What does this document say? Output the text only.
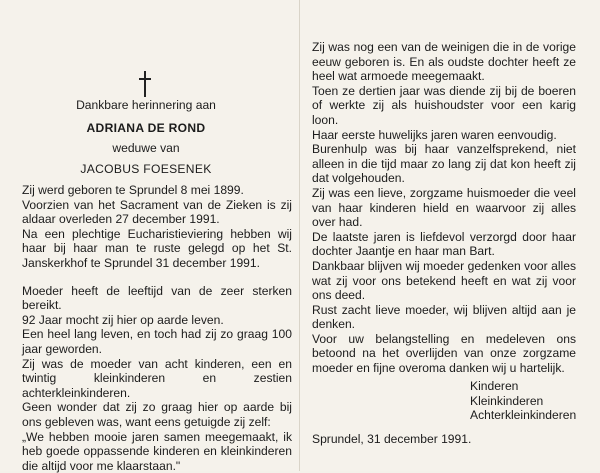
Dankbare herinnering aan
ADRIANA DE ROND
weduwe van
JACOBUS FOESENEK

Zij werd geboren te Sprundel 8 mei 1899.

Voorzien van het Sacrament van de Zieken is zij aldaar overleden 27 december 1991.

Na een plechtige Eucharistieviering hebben wij haar bij haar man te ruste gelegd op het St. Janskerkhof te Sprundel 31 december 1991.

Moeder heeft de leeftijd van de zeer sterken bereikt.

92 Jaar mocht zij hier op aarde leven.

Een heel lang leven, en toch had zij zo graag 100 jaar geworden.

Zij was de moeder van acht kinderen, een en twintig kleinkinderen en zestien achterkleinkinderen.

Geen wonder dat zij zo graag hier op aarde bij ons gebleven was, want eens getuigde zij zelf:

„We hebben mooie jaren samen meegemaakt, ik heb goede oppassende kinderen en kleinkinderen die altijd voor me klaarstaan."

Zij was nog een van de weinigen die in de vorige eeuw geboren is. En als oudste dochter heeft ze heel wat armoede meegemaakt.

Toen ze dertien jaar was diende zij bij de boeren of werkte zij als huishoudster voor een karig loon.

Haar eerste huwelijks jaren waren eenvoudig.

Burenhulp was bij haar vanzelfsprekend, niet alleen in die tijd maar zo lang zij dat kon heeft zij dat volgehouden.

Zij was een lieve, zorgzame huismoeder die veel van haar kinderen hield en waarvoor zij alles over had.

De laatste jaren is liefdevol verzorgd door haar dochter Jaantje en haar man Bart.

Dankbaar blijven wij moeder gedenken voor alles wat zij voor ons betekend heeft en wat zij voor ons deed.

Rust zacht lieve moeder, wij blijven altijd aan je denken.

Voor uw belangstelling en medeleven ons betoond na het overlijden van onze zorgzame moeder en fijne overoma danken wij u hartelijk.

Kinderen
Kleinkinderen
Achterkleinkinderen
Sprundel, 31 december 1991.
